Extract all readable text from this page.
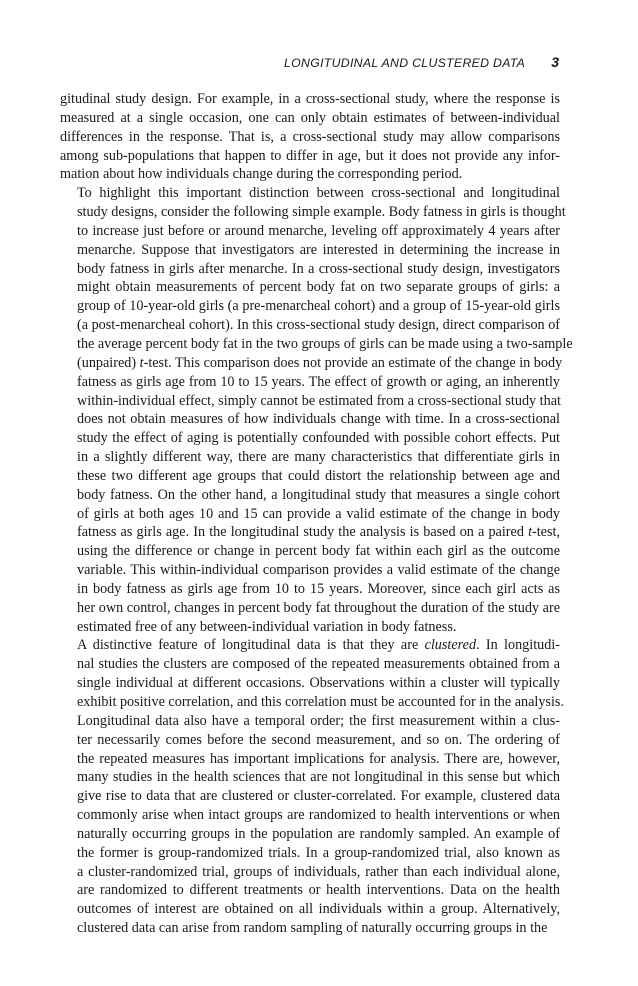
LONGITUDINAL AND CLUSTERED DATA 3
gitudinal study design. For example, in a cross-sectional study, where the response is
measured at a single occasion, one can only obtain estimates of between-individual
differences in the response. That is, a cross-sectional study may allow comparisons
among sub-populations that happen to differ in age, but it does not provide any infor-
mation about how individuals change during the corresponding period.
To highlight this important distinction between cross-sectional and longitudinal
study designs, consider the following simple example. Body fatness in girls is thought
to increase just before or around menarche, leveling off approximately 4 years after
menarche. Suppose that investigators are interested in determining the increase in
body fatness in girls after menarche. In a cross-sectional study design, investigators
might obtain measurements of percent body fat on two separate groups of girls: a
group of 10-year-old girls (a pre-menarcheal cohort) and a group of 15-year-old girls
(a post-menarcheal cohort). In this cross-sectional study design, direct comparison of
the average percent body fat in the two groups of girls can be made using a two-sample
(unpaired) t-test. This comparison does not provide an estimate of the change in body
fatness as girls age from 10 to 15 years. The effect of growth or aging, an inherently
within-individual effect, simply cannot be estimated from a cross-sectional study that
does not obtain measures of how individuals change with time. In a cross-sectional
study the effect of aging is potentially confounded with possible cohort effects. Put
in a slightly different way, there are many characteristics that differentiate girls in
these two different age groups that could distort the relationship between age and
body fatness. On the other hand, a longitudinal study that measures a single cohort
of girls at both ages 10 and 15 can provide a valid estimate of the change in body
fatness as girls age. In the longitudinal study the analysis is based on a paired t-test,
using the difference or change in percent body fat within each girl as the outcome
variable. This within-individual comparison provides a valid estimate of the change
in body fatness as girls age from 10 to 15 years. Moreover, since each girl acts as
her own control, changes in percent body fat throughout the duration of the study are
estimated free of any between-individual variation in body fatness.
A distinctive feature of longitudinal data is that they are clustered. In longitudi-
nal studies the clusters are composed of the repeated measurements obtained from a
single individual at different occasions. Observations within a cluster will typically
exhibit positive correlation, and this correlation must be accounted for in the analysis.
Longitudinal data also have a temporal order; the first measurement within a clus-
ter necessarily comes before the second measurement, and so on. The ordering of
the repeated measures has important implications for analysis. There are, however,
many studies in the health sciences that are not longitudinal in this sense but which
give rise to data that are clustered or cluster-correlated. For example, clustered data
commonly arise when intact groups are randomized to health interventions or when
naturally occurring groups in the population are randomly sampled. An example of
the former is group-randomized trials. In a group-randomized trial, also known as
a cluster-randomized trial, groups of individuals, rather than each individual alone,
are randomized to different treatments or health interventions. Data on the health
outcomes of interest are obtained on all individuals within a group. Alternatively,
clustered data can arise from random sampling of naturally occurring groups in the
